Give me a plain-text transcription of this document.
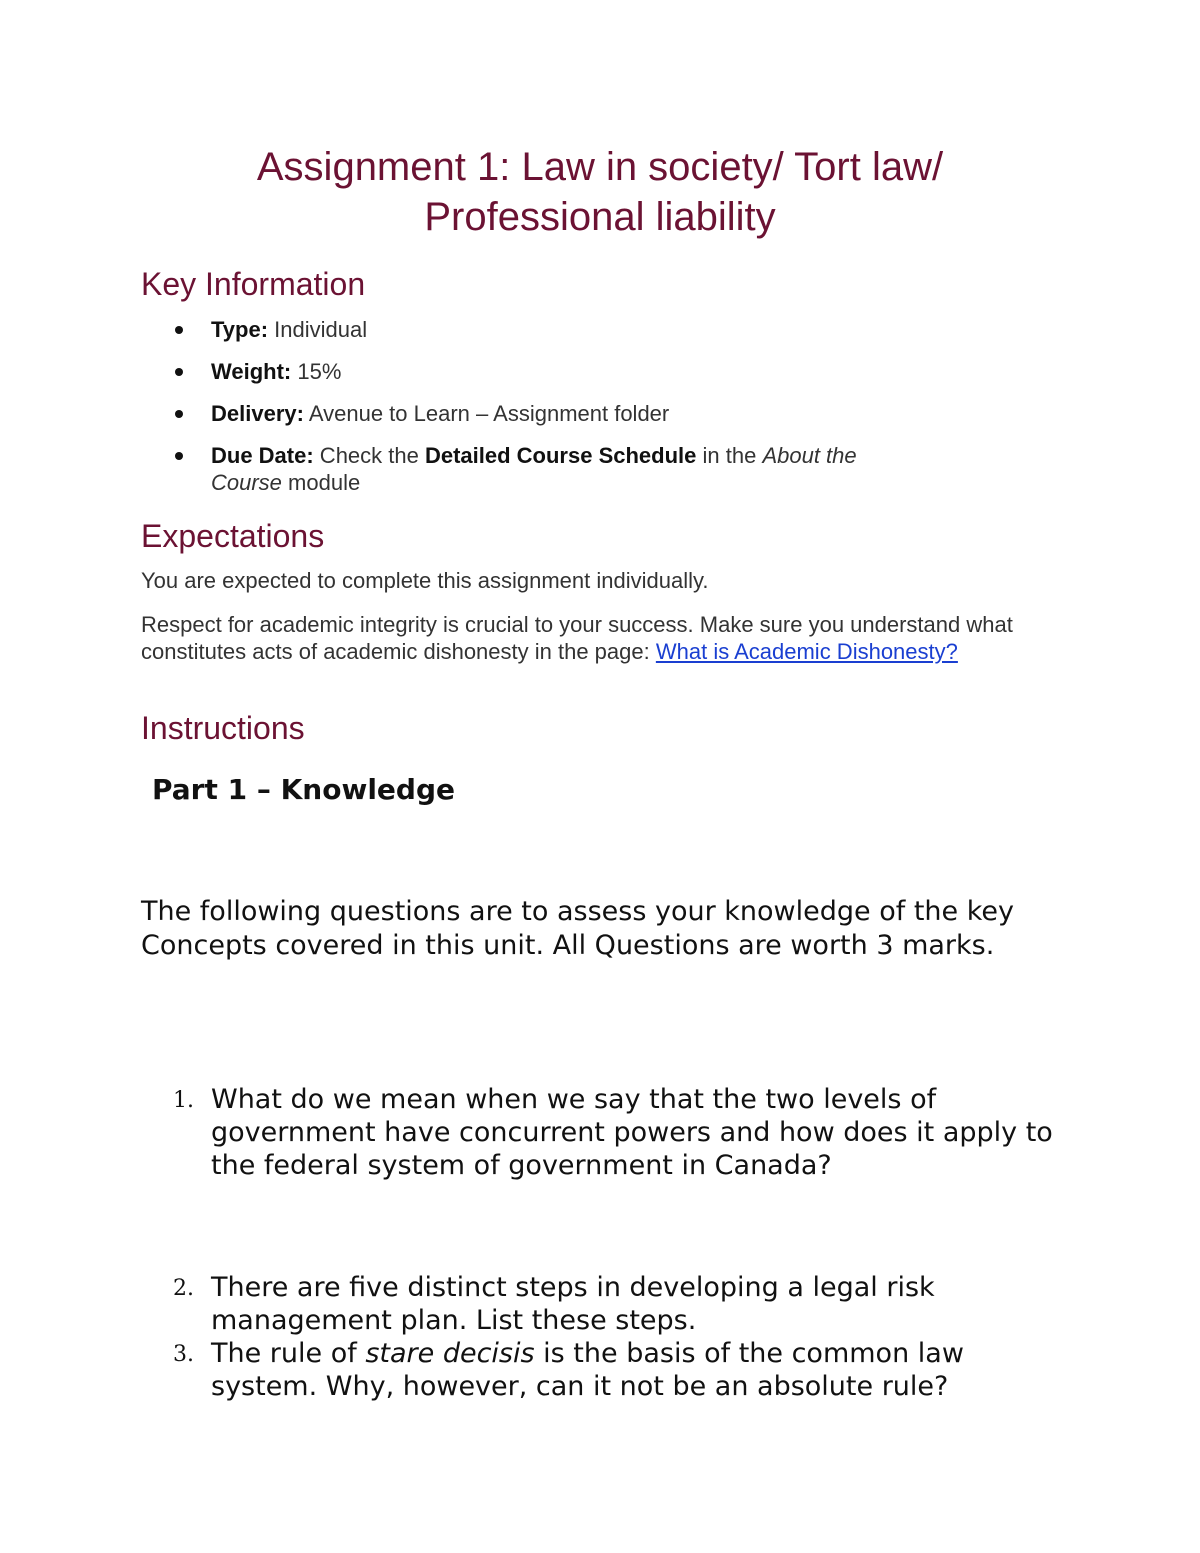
Assignment 1: Law in society/ Tort law/
Professional liability
Key Information
Type: Individual
Weight: 15%
Delivery: Avenue to Learn – Assignment folder
Due Date: Check the Detailed Course Schedule in the About the Course module
Expectations

You are expected to complete this assignment individually.

Respect for academic integrity is crucial to your success. Make sure you understand what constitutes acts of academic dishonesty in the page: What is Academic Dishonesty?

Instructions
Part 1 – Knowledge

The following questions are to assess your knowledge of the key Concepts covered in this unit. All Questions are worth 3 marks.

1. What do we mean when we say that the two levels of government have concurrent powers and how does it apply to the federal system of government in Canada?

2. There are five distinct steps in developing a legal risk management plan. List these steps.

3. The rule of stare decisis is the basis of the common law system. Why, however, can it not be an absolute rule?
